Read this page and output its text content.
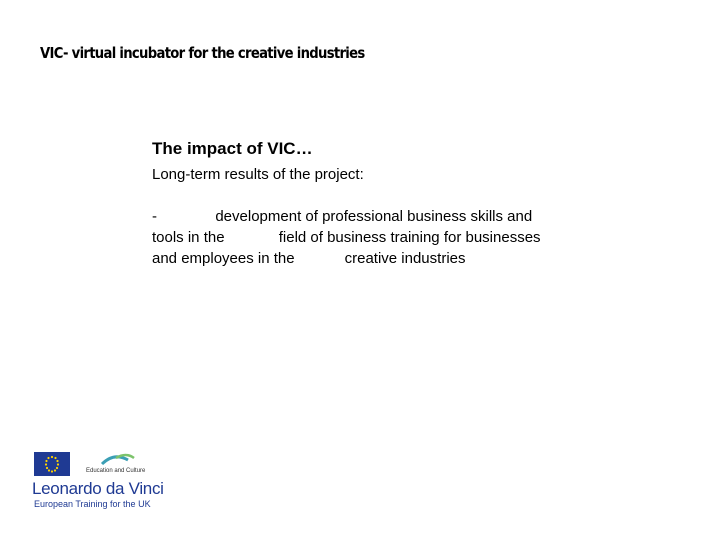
VIC- virtual incubator for the creative industries

The impact of VIC…

Long-term results of the project:

-              development of professional business skills and
tools in the             field of business training for businesses
and employees in the            creative industries
Education and Culture
Leonardo da Vinci
European Training for the UK
